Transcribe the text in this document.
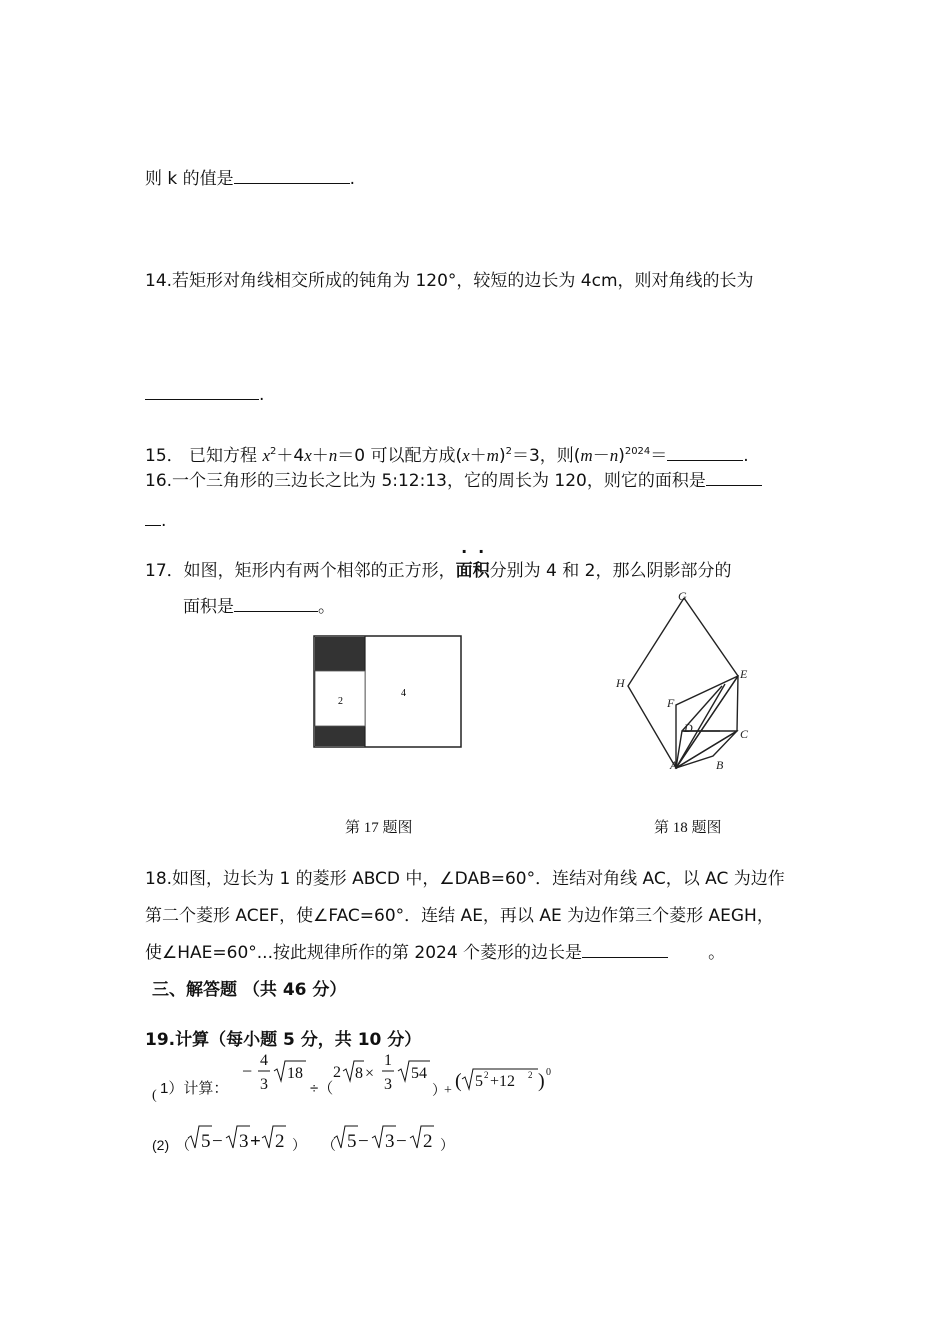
则 k 的值是	.
14.若矩形对角线相交所成的钝角为 120°，较短的边长为 4cm，则对角线的长为
.
15． 已知方程 $x^2+4x+n=0$ 可以配方成$(x+m)^2=3$，则$(m-n)^{2024}=$	.
16.一个三角形的三边长之比为 5:12:13，它的周长为 120，则它的面积是
.
17．如图，矩形内有两个相邻的正方形，
·
面
·
积分别为 4 和 2，那么阴影部分的
面积是	。
2
4
第 17 题图
G
H
E
F
D	C
A	B
第 18 题图
18.如图，边长为 1 的菱形 ABCD 中，∠DAB=60°．连结对角线 AC，以 AC 为边作
第二个菱形 ACEF，使∠FAC=60°．连结 AE，再以 AE 为边作第三个菱形 AEGH，
使∠HAE=60°...按此规律所作的第 2024 个菱形的边长是	。
三、解答题 （共 46 分）
19.计算（每小题 5 分，共 10 分）
( 1）计算：
−
4
3
18
÷（
2 8 ×
1
3
54
）
+ ( 5 2 +12 2 ) 0
(2) （ 5 − 3 + 2 ） （ 5 − 3 − 2 ）
